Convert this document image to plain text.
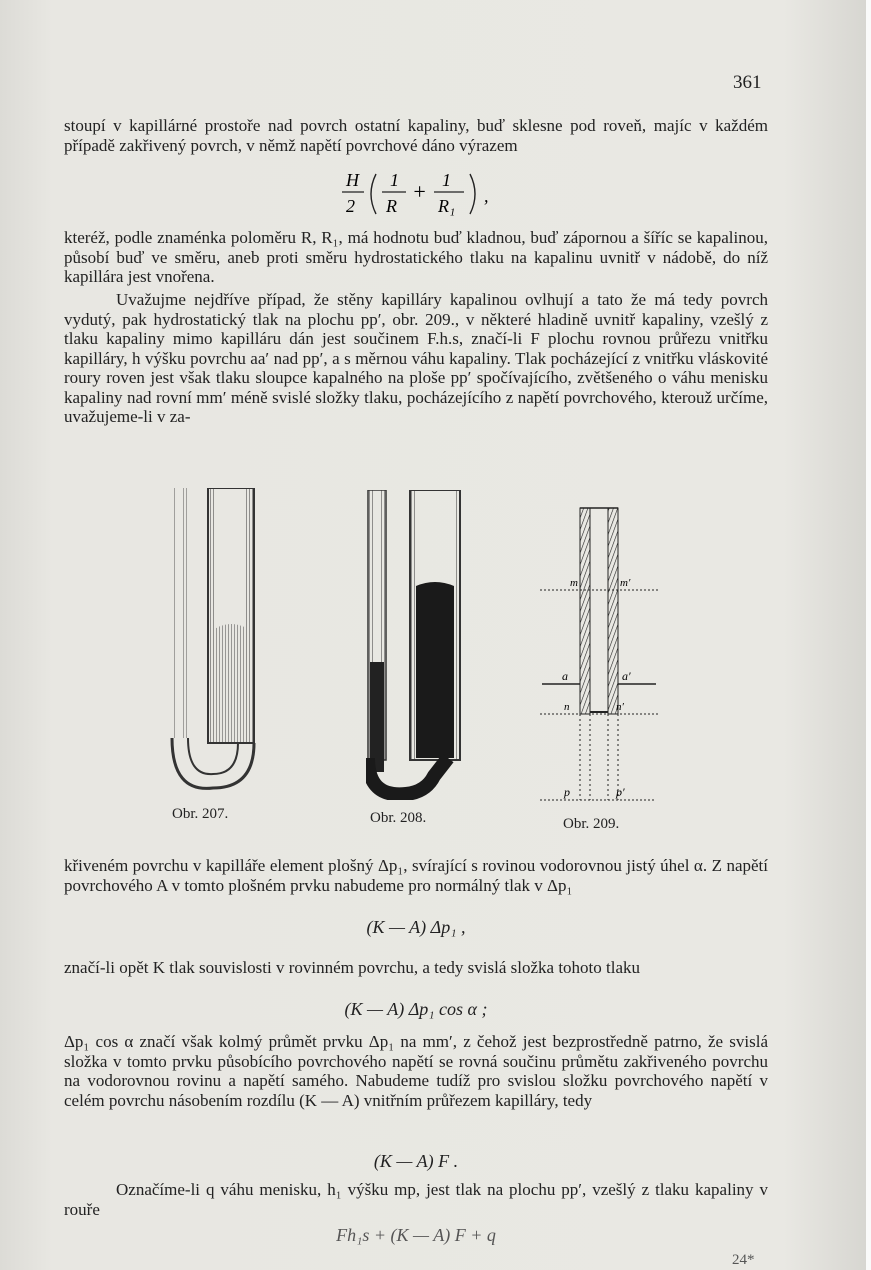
361

stoupí v kapillárné prostoře nad povrch ostatní kapaliny, buď sklesne pod roveň, majíc v každém případě zakřivený povrch, v němž napětí povrchové dáno výrazem

H
2
1
R
+ 1
R₁ ,

kteréž, podle znaménka poloměru R, R₁, má hodnotu buď kladnou, buď zápornou a šíříc se kapalinou, působí buď ve směru, aneb proti směru hydrostatického tlaku na kapalinu uvnitř v nádobě, do níž kapillára jest vnořena.

Uvažujme nejdříve případ, že stěny kapilláry kapalinou ovlhují a tato že má tedy povrch vydutý, pak hydrostatický tlak na plochu pp′, obr. 209., v některé hladině uvnitř kapaliny, vzešlý z tlaku kapaliny mimo kapilláru dán jest součinem F.h.s, značí-li F plochu rovnou průřezu vnitřku kapilláry, h výšku povrchu aa′ nad pp′, a s měrnou váhu kapaliny. Tlak pocházející z vnitřku vláskovité roury roven jest však tlaku sloupce kapalného na ploše pp′ spočívajícího, zvětšeného o váhu menisku kapaliny nad rovní mm′ méně svislé složky tlaku, pocházejícího z napětí povrchového, kterouž určíme, uvažujeme-li v za-

Obr. 207.	Obr. 208.
m	m′
a	a′
n	n′
p	p′
Obr. 209.

křiveném povrchu v kapilláře element plošný Δp₁, svírající s rovinou vodorovnou jistý úhel α. Z napětí povrchového A v tomto plošném prvku nabudeme pro normálný tlak v Δp₁

(K — A) Δp₁ ,

značí-li opět K tlak souvislosti v rovinném povrchu, a tedy svislá složka tohoto tlaku

(K — A) Δp₁ cos α ;

Δp₁ cos α značí však kolmý průmět prvku Δp₁ na mm′, z čehož jest bezprostředně patrno, že svislá složka v tomto prvku působícího povrchového napětí se rovná součinu průmětu zakřiveného povrchu na vodorovnou rovinu a napětí samého. Nabudeme tudíž pro svislou složku povrchového napětí v celém povrchu násobením rozdílu (K — A) vnitřním průřezem kapilláry, tedy

(K — A) F .

Označíme-li q váhu menisku, h₁ výšku mp, jest tlak na plochu pp′, vzešlý z tlaku kapaliny v rouře

Fh₁s + (K — A) F + q
24*
